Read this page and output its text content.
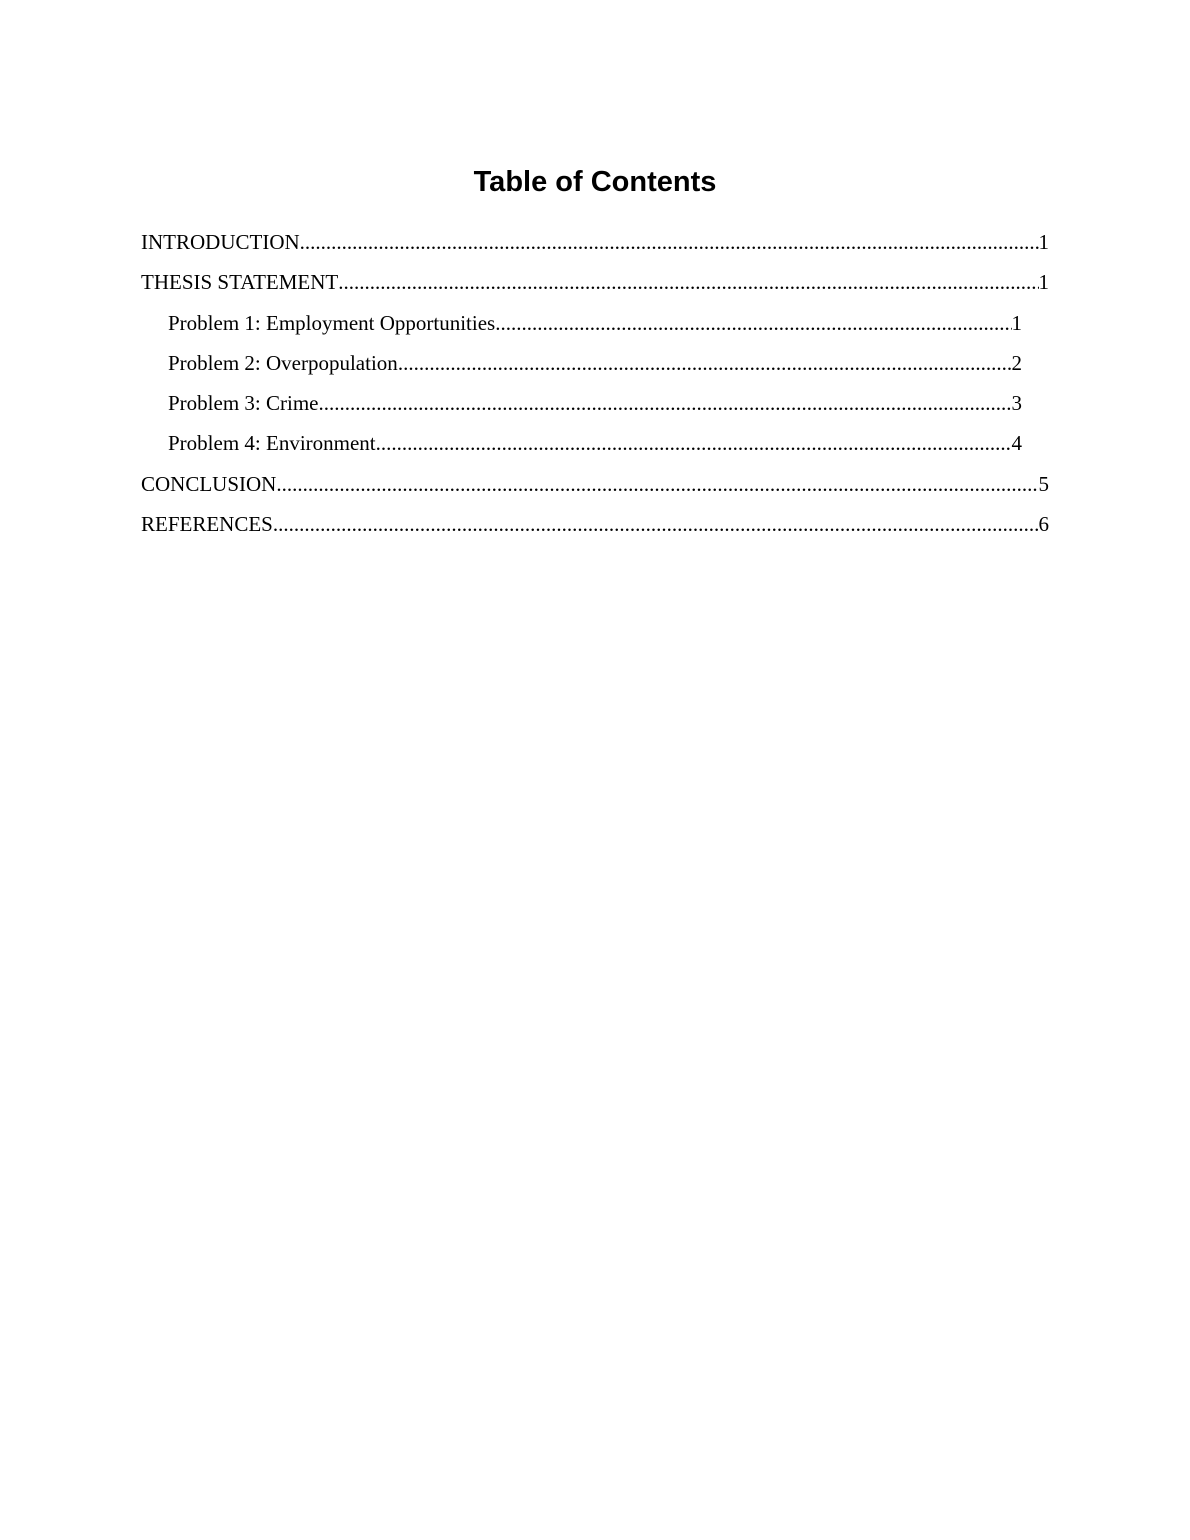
Table of Contents
INTRODUCTION .....	1
THESIS STATEMENT .....	1
Problem 1: Employment Opportunities .....	1
Problem 2: Overpopulation .....	2
Problem 3: Crime .....	3
Problem 4: Environment .....	4
CONCLUSION .....	5
REFERENCES .....	6
